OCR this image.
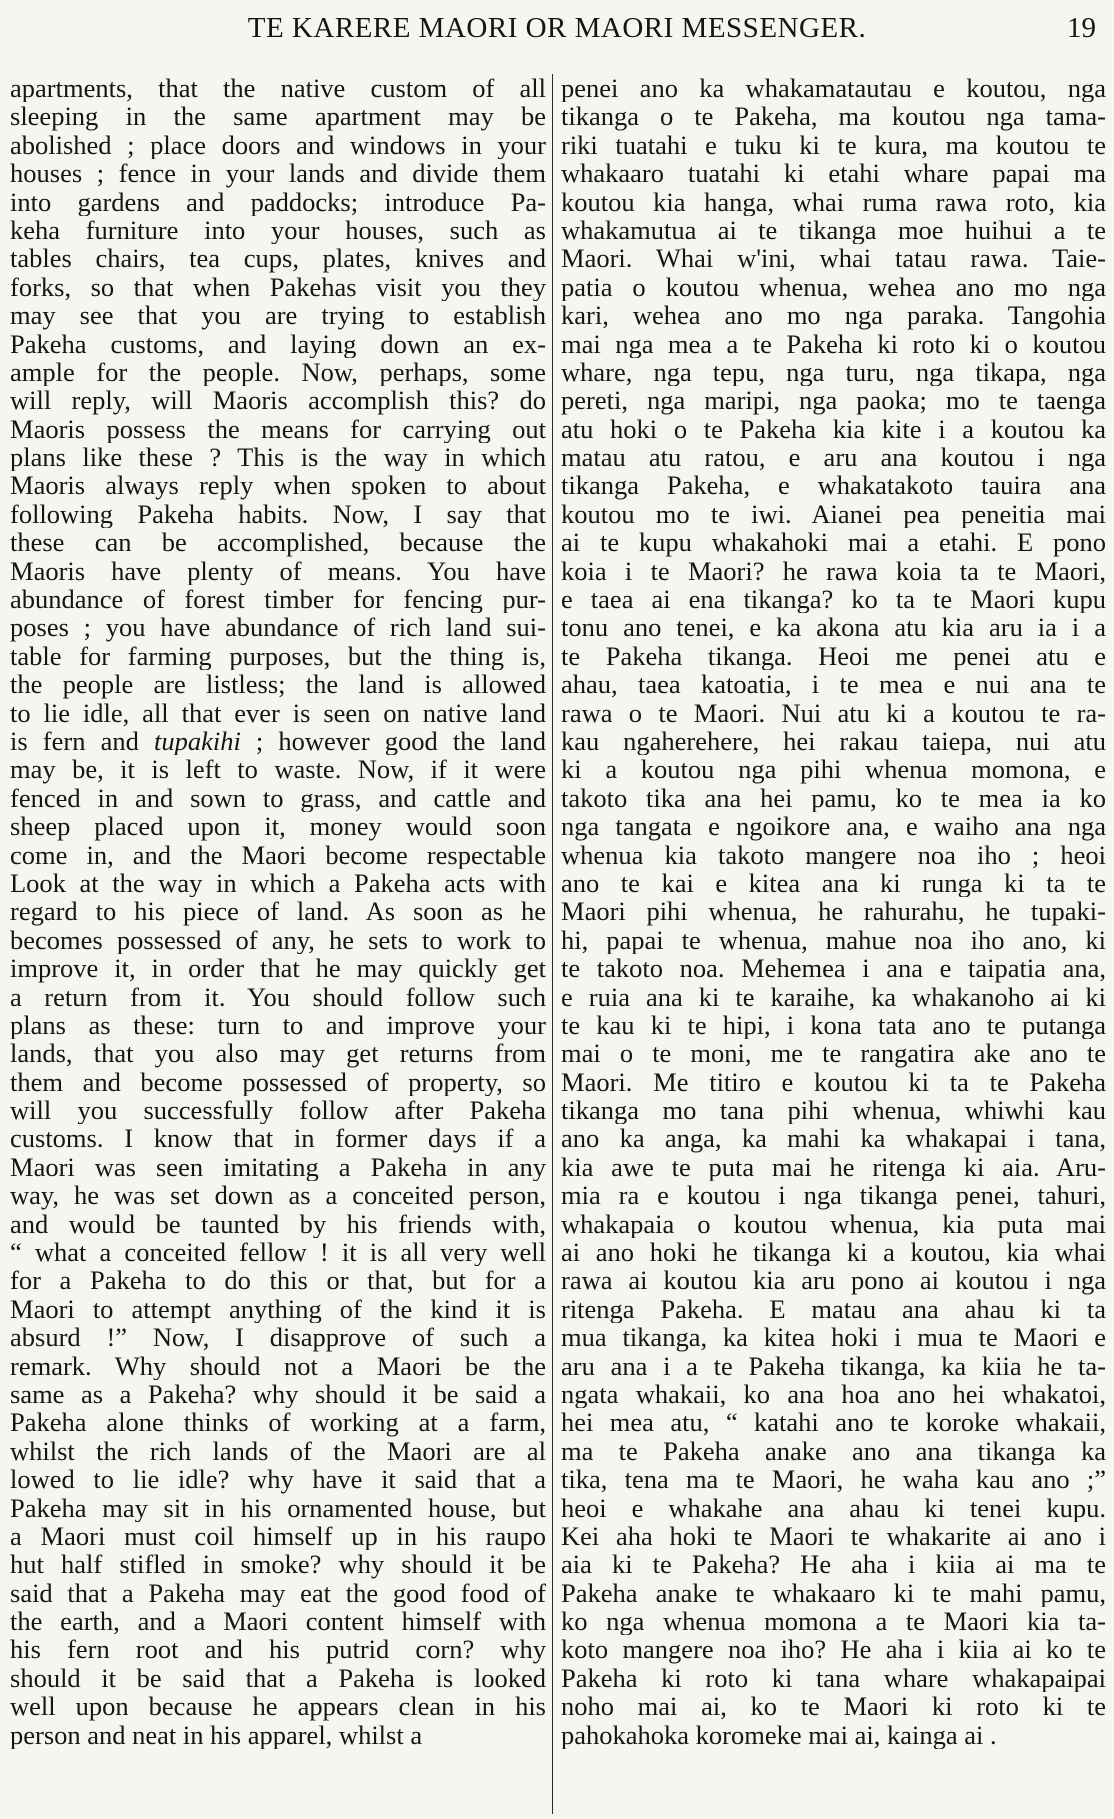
TE KARERE MAORI OR MAORI MESSENGER.	19
apartments, that the native custom of all
sleeping in the same apartment may be
abolished ; place doors and windows in your
houses ; fence in your lands and divide them
into gardens and paddocks; introduce Pa-
keha furniture into your houses, such as
tables chairs, tea cups, plates, knives and
forks, so that when Pakehas visit you they
may see that you are trying to establish
Pakeha customs, and laying down an ex-
ample for the people. Now, perhaps, some
will reply, will Maoris accomplish this? do
Maoris possess the means for carrying out
plans like these ? This is the way in which
Maoris always reply when spoken to about
following Pakeha habits. Now, I say that
these can be accomplished, because the
Maoris have plenty of means. You have
abundance of forest timber for fencing pur-
poses ; you have abundance of rich land sui-
table for farming purposes, but the thing is,
the people are listless; the land is allowed
to lie idle, all that ever is seen on native land
is fern and tupakihi ; however good the land
may be, it is left to waste. Now, if it were
fenced in and sown to grass, and cattle and
sheep placed upon it, money would soon
come in, and the Maori become respectable
Look at the way in which a Pakeha acts with
regard to his piece of land. As soon as he
becomes possessed of any, he sets to work to
improve it, in order that he may quickly get
a return from it. You should follow such
plans as these: turn to and improve your
lands, that you also may get returns from
them and become possessed of property, so
will you successfully follow after Pakeha
customs. I know that in former days if a
Maori was seen imitating a Pakeha in any
way, he was set down as a conceited person,
and would be taunted by his friends with,
“ what a conceited fellow ! it is all very well
for a Pakeha to do this or that, but for a
Maori to attempt anything of the kind it is
absurd !” Now, I disapprove of such a
remark. Why should not a Maori be the
same as a Pakeha? why should it be said a
Pakeha alone thinks of working at a farm,
whilst the rich lands of the Maori are al
lowed to lie idle? why have it said that a
Pakeha may sit in his ornamented house, but
a Maori must coil himself up in his raupo
hut half stifled in smoke? why should it be
said that a Pakeha may eat the good food of
the earth, and a Maori content himself with
his fern root and his putrid corn? why
should it be said that a Pakeha is looked
well upon because he appears clean in his
person and neat in his apparel, whilst a
penei ano ka whakamatautau e koutou, nga
tikanga o te Pakeha, ma koutou nga tama-
riki tuatahi e tuku ki te kura, ma koutou te
whakaaro tuatahi ki etahi whare papai ma
koutou kia hanga, whai ruma rawa roto, kia
whakamutua ai te tikanga moe huihui a te
Maori. Whai w'ini, whai tatau rawa. Taie-
patia o koutou whenua, wehea ano mo nga
kari, wehea ano mo nga paraka. Tangohia
mai nga mea a te Pakeha ki roto ki o koutou
whare, nga tepu, nga turu, nga tikapa, nga
pereti, nga maripi, nga paoka; mo te taenga
atu hoki o te Pakeha kia kite i a koutou ka
matau atu ratou, e aru ana koutou i nga
tikanga Pakeha, e whakatakoto tauira ana
koutou mo te iwi. Aianei pea peneitia mai
ai te kupu whakahoki mai a etahi. E pono
koia i te Maori? he rawa koia ta te Maori,
e taea ai ena tikanga? ko ta te Maori kupu
tonu ano tenei, e ka akona atu kia aru ia i a
te Pakeha tikanga. Heoi me penei atu e
ahau, taea katoatia, i te mea e nui ana te
rawa o te Maori. Nui atu ki a koutou te ra-
kau ngaherehere, hei rakau taiepa, nui atu
ki a koutou nga pihi whenua momona, e
takoto tika ana hei pamu, ko te mea ia ko
nga tangata e ngoikore ana, e waiho ana nga
whenua kia takoto mangere noa iho ; heoi
ano te kai e kitea ana ki runga ki ta te
Maori pihi whenua, he rahurahu, he tupaki-
hi, papai te whenua, mahue noa iho ano, ki
te takoto noa. Mehemea i ana e taipatia ana,
e ruia ana ki te karaihe, ka whakanoho ai ki
te kau ki te hipi, i kona tata ano te putanga
mai o te moni, me te rangatira ake ano te
Maori. Me titiro e koutou ki ta te Pakeha
tikanga mo tana pihi whenua, whiwhi kau
ano ka anga, ka mahi ka whakapai i tana,
kia awe te puta mai he ritenga ki aia. Aru-
mia ra e koutou i nga tikanga penei, tahuri,
whakapaia o koutou whenua, kia puta mai
ai ano hoki he tikanga ki a koutou, kia whai
rawa ai koutou kia aru pono ai koutou i nga
ritenga Pakeha. E matau ana ahau ki ta
mua tikanga, ka kitea hoki i mua te Maori e
aru ana i a te Pakeha tikanga, ka kiia he ta-
ngata whakaii, ko ana hoa ano hei whakatoi,
hei mea atu, “ katahi ano te koroke whakaii,
ma te Pakeha anake ano ana tikanga ka
tika, tena ma te Maori, he waha kau ano ;”
heoi e whakahe ana ahau ki tenei kupu.
Kei aha hoki te Maori te whakarite ai ano i
aia ki te Pakeha? He aha i kiia ai ma te
Pakeha anake te whakaaro ki te mahi pamu,
ko nga whenua momona a te Maori kia ta-
koto mangere noa iho? He aha i kiia ai ko te
Pakeha ki roto ki tana whare whakapaipai
noho mai ai, ko te Maori ki roto ki te
pahokahoka koromeke mai ai, kainga ai .
